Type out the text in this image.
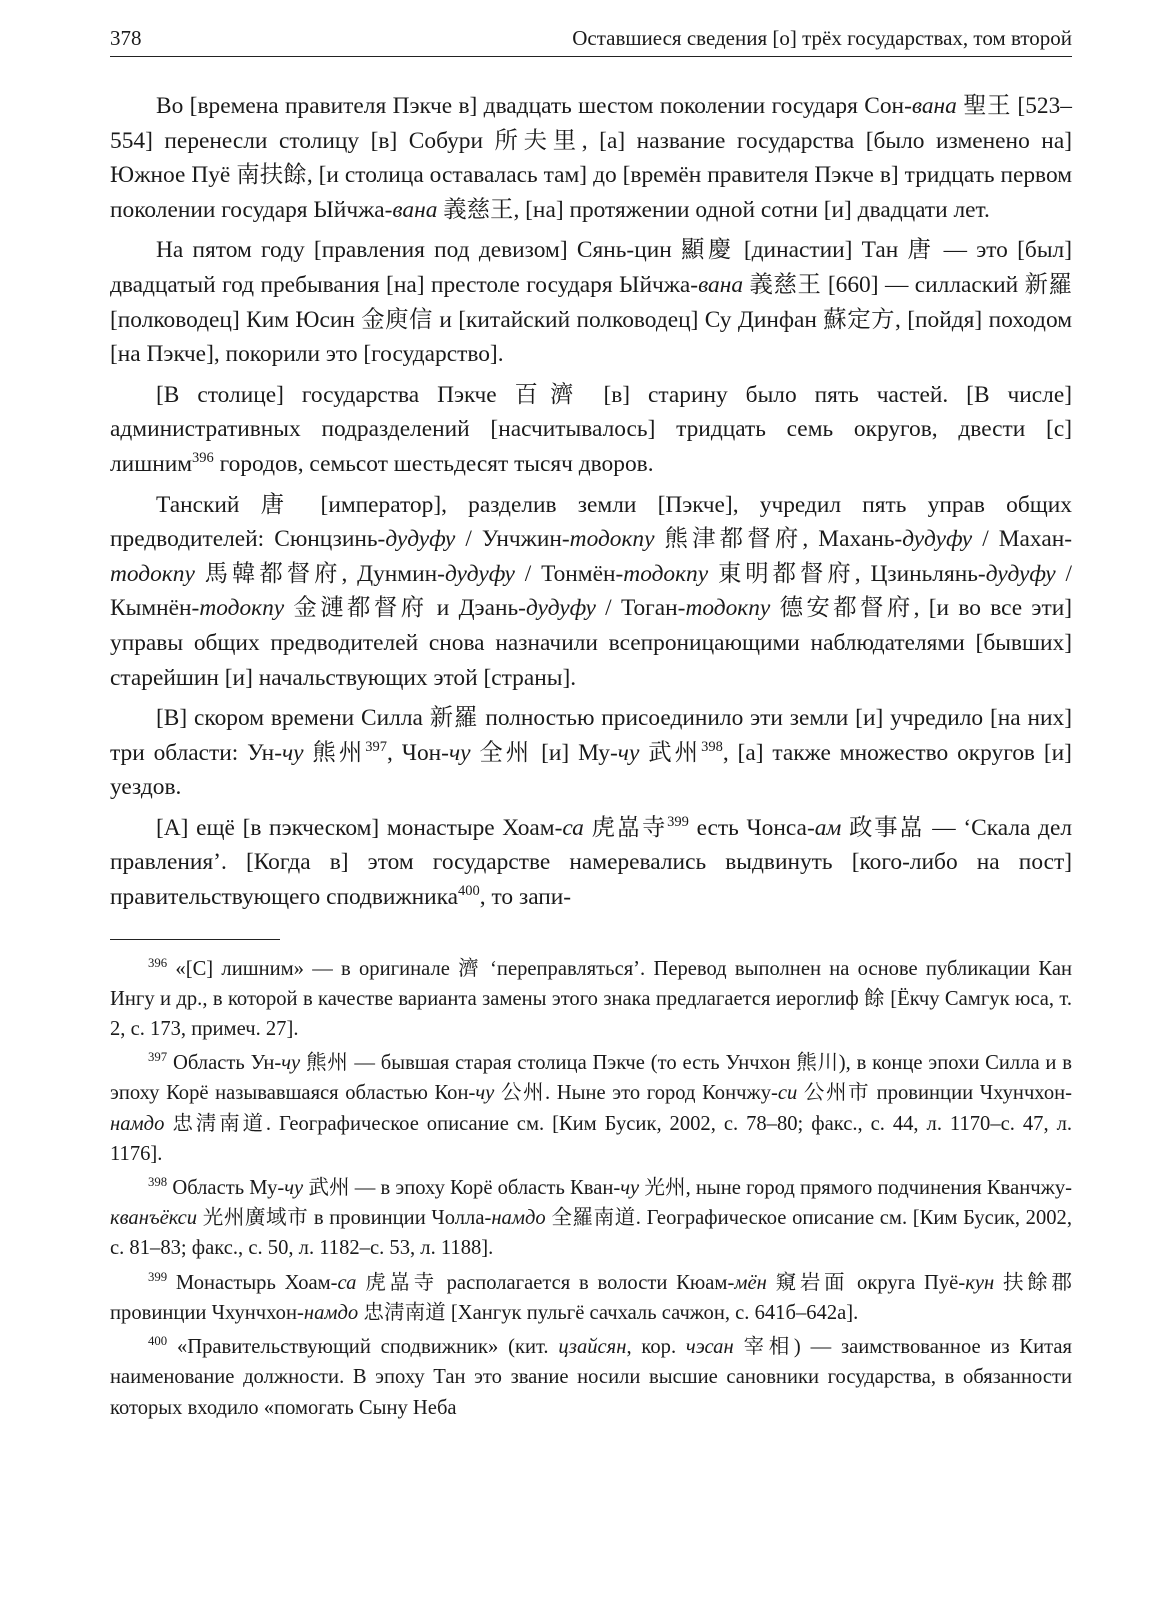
378	Оставшиеся сведения [о] трёх государствах, том второй

Во [времена правителя Пэкче в] двадцать шестом поколении государя Сон-вана 聖王 [523–554] перенесли столицу [в] Собури 所夫里, [а] название государства [было изменено на] Южное Пуё 南扶餘, [и столица оставалась там] до [времён правителя Пэкче в] тридцать первом поколении государя Ыйчжа-вана 義慈王, [на] протяжении одной сотни [и] двадцати лет.

На пятом году [правления под девизом] Сянь-цин 顯慶 [династии] Тан 唐 — это [был] двадцатый год пребывания [на] престоле государя Ыйчжа-вана 義慈王 [660] — силлаский 新羅 [полководец] Ким Юсин 金庾信 и [китайский полководец] Су Динфан 蘇定方, [пойдя] походом [на Пэкче], покорили это [государство].

[В столице] государства Пэкче 百濟 [в] старину было пять частей. [В числе] административных подразделений [насчитывалось] тридцать семь округов, двести [с] лишним$^{396}$ городов, семьсот шестьдесят тысяч дворов.

Танский 唐 [император], разделив земли [Пэкче], учредил пять управ общих предводителей: Сюнцзинь-дудуфу / Унчжин-тодокпу 熊津都督府, Махань-дудуфу / Махан-тодокпу 馬韓都督府, Дунмин-дудуфу / Тонмён-тодокпу 東明都督府, Цзиньлянь-дудуфу / Кымнён-тодокпу 金漣都督府 и Дэань-дудуфу / Тоган-тодокпу 德安都督府, [и во все эти] управы общих предводителей снова назначили всепроницающими наблюдателями [бывших] старейшин [и] начальствующих этой [страны].

[В] скором времени Силла 新羅 полностью присоединило эти земли [и] учредило [на них] три области: Ун-чу 熊州$^{397}$, Чон-чу 全州 [и] Му-чу 武州$^{398}$, [а] также множество округов [и] уездов.

[А] ещё [в пэкческом] монастыре Хоам-са 虎嵓寺$^{399}$ есть Чонса-ам 政事嵓 — ‘Скала дел правления’. [Когда в] этом государстве намеревались выдвинуть [кого-либо на пост] правительствующего сподвижника$^{400}$, то запи-

$^{396}$ «[С] лишним» — в оригинале 濟 ‘переправляться’. Перевод выполнен на основе публикации Кан Ингу и др., в которой в качестве варианта замены этого знака предлагается иероглиф 餘 [Ёкчу Самгук юса, т. 2, с. 173, примеч. 27].

$^{397}$ Область Ун-чу 熊州 — бывшая старая столица Пэкче (то есть Унчхон 熊川), в конце эпохи Силла и в эпоху Корё называвшаяся областью Кон-чу 公州. Ныне это город Кончжу-си 公州市 провинции Чхунчхон-намдо 忠淸南道. Географическое описание см. [Ким Бусик, 2002, с. 78–80; факс., с. 44, л. 1170–с. 47, л. 1176].

$^{398}$ Область Му-чу 武州 — в эпоху Корё область Кван-чу 光州, ныне город прямого подчинения Кванчжу-кванъёкси 光州廣域市 в провинции Чолла-намдо 全羅南道. Географическое описание см. [Ким Бусик, 2002, с. 81–83; факс., с. 50, л. 1182–с. 53, л. 1188].

$^{399}$ Монастырь Хоам-са 虎嵓寺 располагается в волости Кюам-мён 窺岩面 округа Пуё-кун 扶餘郡 провинции Чхунчхон-намдо 忠淸南道 [Хангук пульгё сачхаль сачжон, с. 641б–642а].

$^{400}$ «Правительствующий сподвижник» (кит. цзайсян, кор. чэсан 宰相) — заимствованное из Китая наименование должности. В эпоху Тан это звание носили высшие сановники государства, в обязанности которых входило «помогать Сыну Неба
